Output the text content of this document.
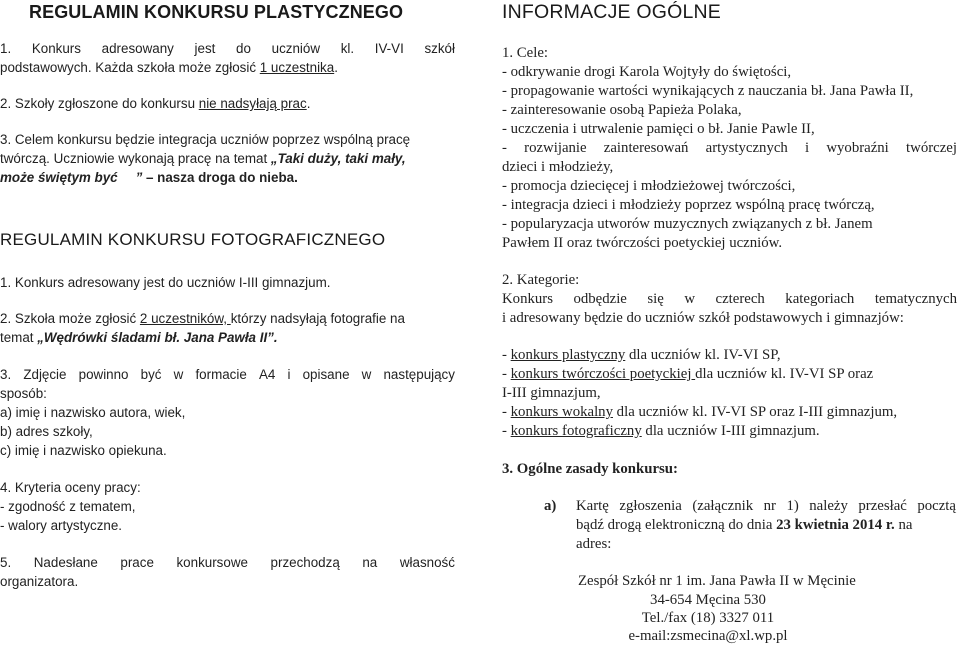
REGULAMIN KONKURSU PLASTYCZNEGO
1. Konkurs adresowany jest do uczniów kl. IV-VI szkół
podstawowych. Każda szkoła może zgłosić 1 uczestnika.
2. Szkoły zgłoszone do konkursu nie nadsyłają prac.
3. Celem konkursu będzie integracja uczniów poprzez wspólną pracę
twórczą. Uczniowie wykonają pracę na temat „Taki duży, taki mały,
może świętym być ” – nasza droga do nieba.
REGULAMIN KONKURSU FOTOGRAFICZNEGO
1. Konkurs adresowany jest do uczniów I-III gimnazjum.
2. Szkoła może zgłosić 2 uczestników, którzy nadsyłają fotografie na
temat „Wędrówki śladami bł. Jana Pawła II”.
3. Zdjęcie powinno być w formacie A4 i opisane w następujący
sposób:
a) imię i nazwisko autora, wiek,
b) adres szkoły,
c) imię i nazwisko opiekuna.
4. Kryteria oceny pracy:
- zgodność z tematem,
- walory artystyczne.
5. Nadesłane prace konkursowe przechodzą na własność
organizatora.
INFORMACJE OGÓLNE
1. Cele:
- odkrywanie drogi Karola Wojtyły do świętości,
- propagowanie wartości wynikających z nauczania bł. Jana Pawła II,
- zainteresowanie osobą Papieża Polaka,
- uczczenia i utrwalenie pamięci o bł. Janie Pawle II,
- rozwijanie zainteresowań artystycznych i wyobraźni twórczej
dzieci i młodzieży,
- promocja dziecięcej i młodzieżowej twórczości,
- integracja dzieci i młodzieży poprzez wspólną pracę twórczą,
- popularyzacja utworów muzycznych związanych z bł. Janem
Pawłem II oraz twórczości poetyckiej uczniów.
2. Kategorie:
Konkurs odbędzie się w czterech kategoriach tematycznych
i adresowany będzie do uczniów szkół podstawowych i gimnazjów:
- konkurs plastyczny dla uczniów kl. IV-VI SP,
- konkurs twórczości poetyckiej dla uczniów kl. IV-VI SP oraz
I-III gimnazjum,
- konkurs wokalny dla uczniów kl. IV-VI SP oraz I-III gimnazjum,
- konkurs fotograficzny dla uczniów I-III gimnazjum.
3. Ogólne zasady konkursu:
a) Kartę zgłoszenia (załącznik nr 1) należy przesłać pocztą
bądź drogą elektroniczną do dnia 23 kwietnia 2014 r. na
adres:
Zespół Szkół nr 1 im. Jana Pawła II w Męcinie
34-654 Męcina 530
Tel./fax (18) 3327 011
e-mail:zsmecina@xl.wp.pl
